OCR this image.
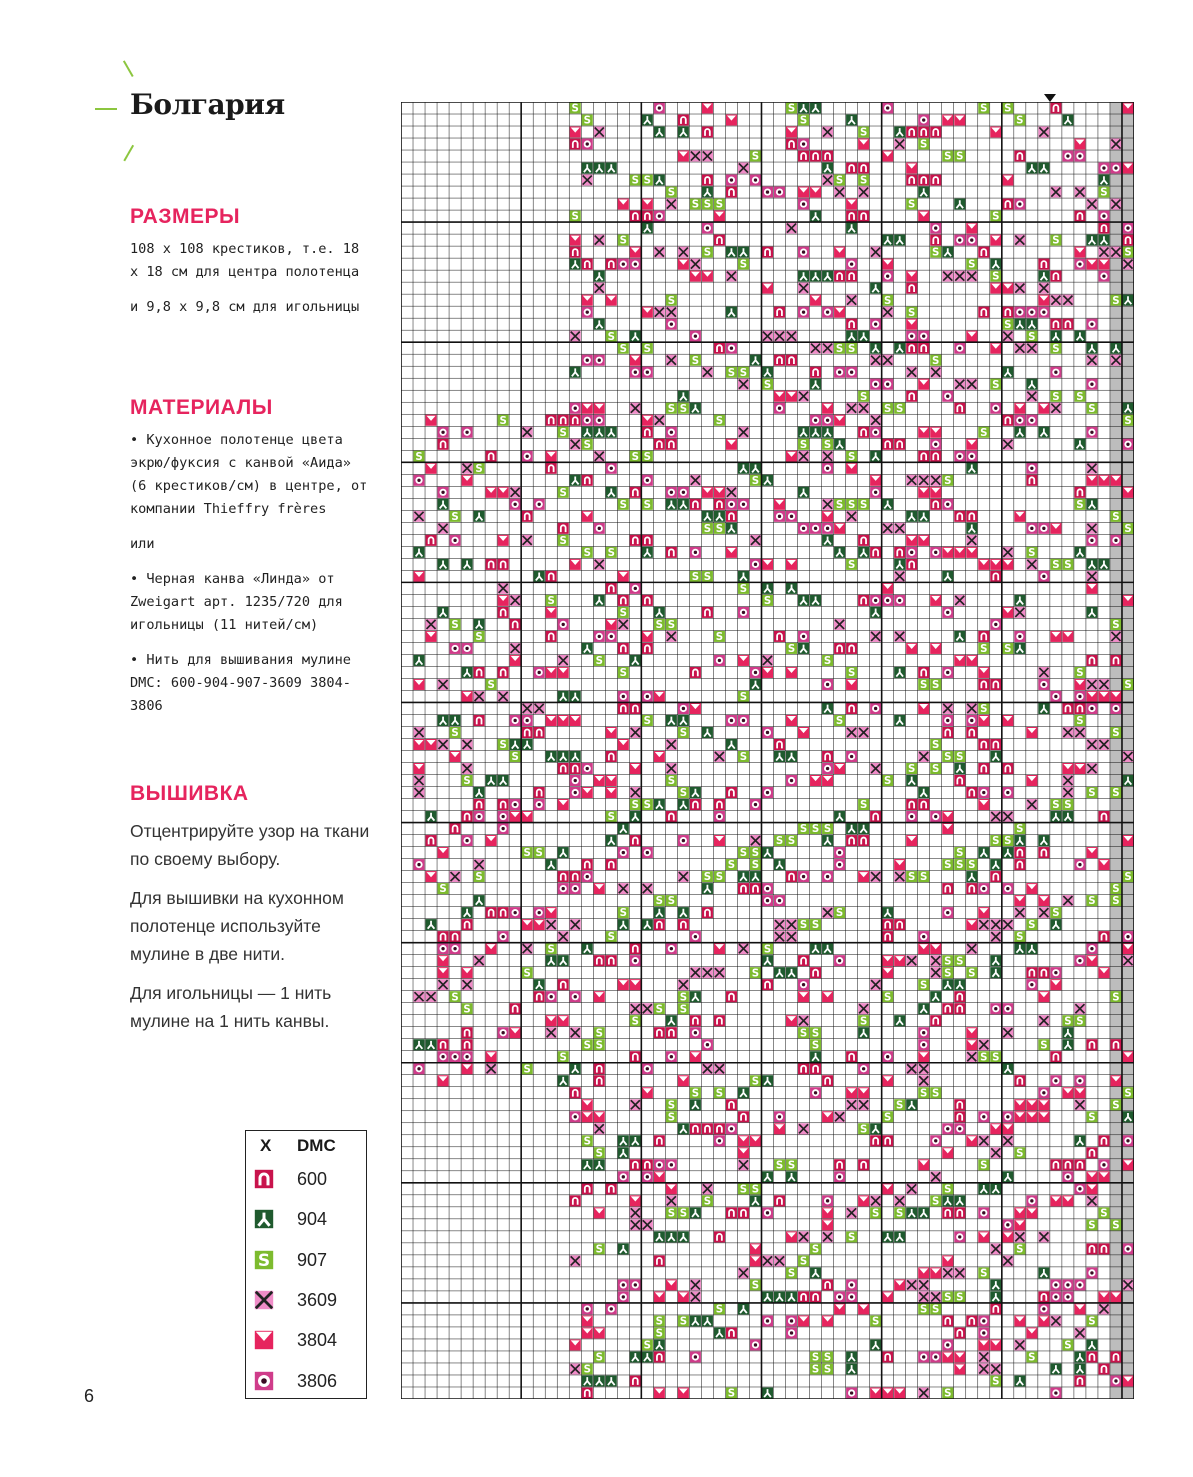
Болгария
РАЗМЕРЫ

108 x 108 крестиков, т.е. 18 x 18 см для центра полотенца

и 9,8 x 9,8 см для игольницы

МАТЕРИАЛЫ

• Кухонное полотенце цвета экрю/фуксия с канвой «Аида» (6 крестиков/см) в центре, от компании Thieffry frères

или

• Черная канва «Линда» от Zweigart арт. 1235/720 для игольницы (11 нитей/см)

• Нить для вышивания мулине DMC: 600-904-907-3609 3804-3806

ВЫШИВКА

Отцентрируйте узор на ткани по своему выбору.

Для вышивки на кухонном полотенце используйте мулине в две нити.

Для игольницы — 1 нить мулине на 1 нить канвы.

X DMC
600
904
S 907
3609
3804
3806
6
S	S	S S
S	S	S
S
S
S	S S
S S	S S
S	S
S S S	S
S	S
S	S
S	S	S
S	S
S
S	S	S
S
S
S	S
S S	S S	S
S	S
S S
S	S
S	S S
S S	S S	S
S	S	S
S	S
S	S S
S	S S	S
S
S	S
S
S S	S S S	S
S	S
S S	S
S
S S	S
S	S S
S S
S
S	S
S
S	S S	S
S	S
S	S S
S	S
S	S	S
S	S S	S
S
S
S	S	S
S	S	S
S	S
S	S	S S
S S
S	S	S
S	S S
S S	S	S S
S
S S S	S
S S	S S
S S	S S	S
S S	S S S
S	S S	S S	S
S	S
S S	S S
S	S	S
S S	S
S	S
S	S
S S
S	S	S S
S
S	S	S	S
S	S S
S	S	S S
S	S S
S S	S	S
S	S S
S
S
S S	S S	S
S	S	S
S	S	S
S
S
S	S
S S	S
S S	S
S	S
S S	S S	S
S S
S
S	S	S
S
S	S
S
S S
S	S S
S S	S	S
S
S	S
S	S S	S
S	S S
S
S	S
